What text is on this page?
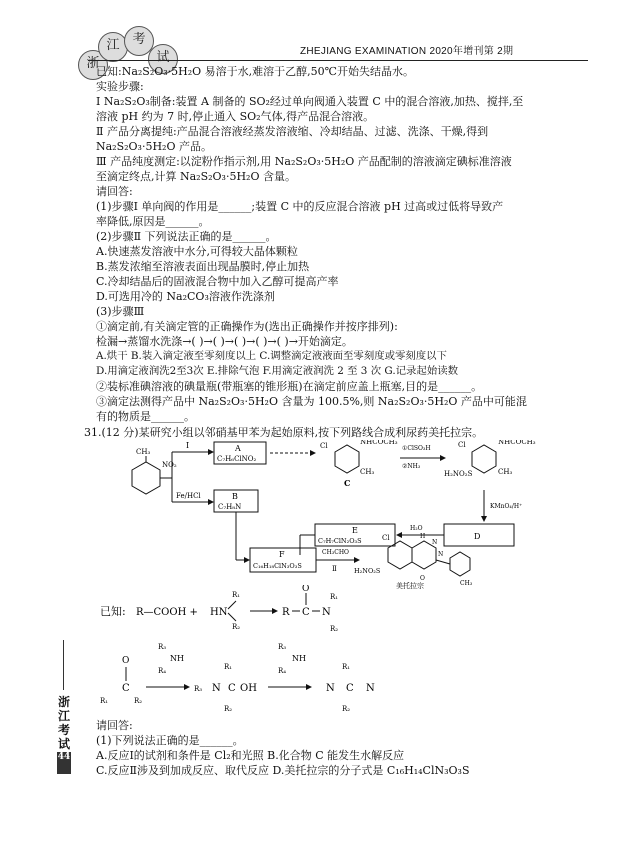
浙
江 考
试	ZHEJIANG EXAMINATION 2020年增刊第 2期
已知:Na₂S₂O₃·5H₂O 易溶于水,难溶于乙醇,50℃开始失结晶水。
实验步骤:
Ⅰ Na₂S₂O₃制备:装置 A 制备的 SO₂经过单向阀通入装置 C 中的混合溶液,加热、搅拌,至
溶液 pH 约为 7 时,停止通入 SO₂气体,得产品混合溶液。
Ⅱ 产品分离提纯:产品混合溶液经蒸发溶液缩、冷却结晶、过滤、洗涤、干燥,得到
Na₂S₂O₃·5H₂O 产品。
Ⅲ 产品纯度测定:以淀粉作指示剂,用 Na₂S₂O₃·5H₂O 产品配制的溶液滴定碘标准溶液
至滴定终点,计算 Na₂S₂O₃·5H₂O 含量。
请回答:
(1)步骤Ⅰ 单向阀的作用是______;装置 C 中的反应混合溶液 pH 过高或过低将导致产
率降低,原因是______。
(2)步骤Ⅱ 下列说法正确的是______。
A.快速蒸发溶液中水分,可得较大晶体颗粒
B.蒸发浓缩至溶液表面出现晶膜时,停止加热
C.冷却结晶后的固液混合物中加入乙醇可提高产率
D.可选用冷的 Na₂CO₃溶液作洗涤剂
(3)步骤Ⅲ
①滴定前,有关滴定管的正确操作为(选出正确操作并按序排列):
检漏→蒸馏水洗涤→( )→( )→( )→( )→( )→开始滴定。
A.烘干 B.装入滴定液至零刻度以上 C.调整滴定液液面至零刻度或零刻度以下
D.用滴定液润洗2至3次 E.排除气泡 F.用滴定液润洗 2 至 3 次 G.记录起始读数
②装标准碘溶液的碘量瓶(带瓶塞的锥形瓶)在滴定前应盖上瓶塞,目的是______。
③滴定法测得产品中 Na₂S₂O₃·5H₂O 含量为 100.5%,则 Na₂S₂O₃·5H₂O 产品中可能混
有的物质是______。
31.(12 分)某研究小组以邻硝基甲苯为起始原料,按下列路线合成利尿药美托拉宗。
CH₃
NO₂
Ⅰ
Fe/HCl
A
C₇H₆ClNO₂
Cl	NHCOCH₃
CH₃
C
①ClSO₃H
②NH₃
Cl	NHCOCH₃
H₂NO₂S	CH₃
KMnO₄/H⁺
D
H₂O
E
C₇H₇ClN₂O₃S
B
C₇H₈N
F
C₁₆H₁₈ClN₃O₃S
CH₃CHO
Ⅱ
Cl	H
N
N
O
CH₃
H₂NO₂S
美托拉宗
已知: R—COOH + HN
R₁
R₂
R C
O
N
R₁
R₂
O
C
R₁	R₂
R₃
NH
R₄
R₃ N C OH
R₁
R₂
R₃
NH
R₄
N C N
R₁
R₂
请回答:
(1)下列说法正确的是______。
A.反应Ⅰ的试剂和条件是 Cl₂和光照 B.化合物 C 能发生水解反应
C.反应Ⅱ涉及到加成反应、取代反应 D.美托拉宗的分子式是 C₁₆H₁₄ClN₃O₃S
浙江考试
44
